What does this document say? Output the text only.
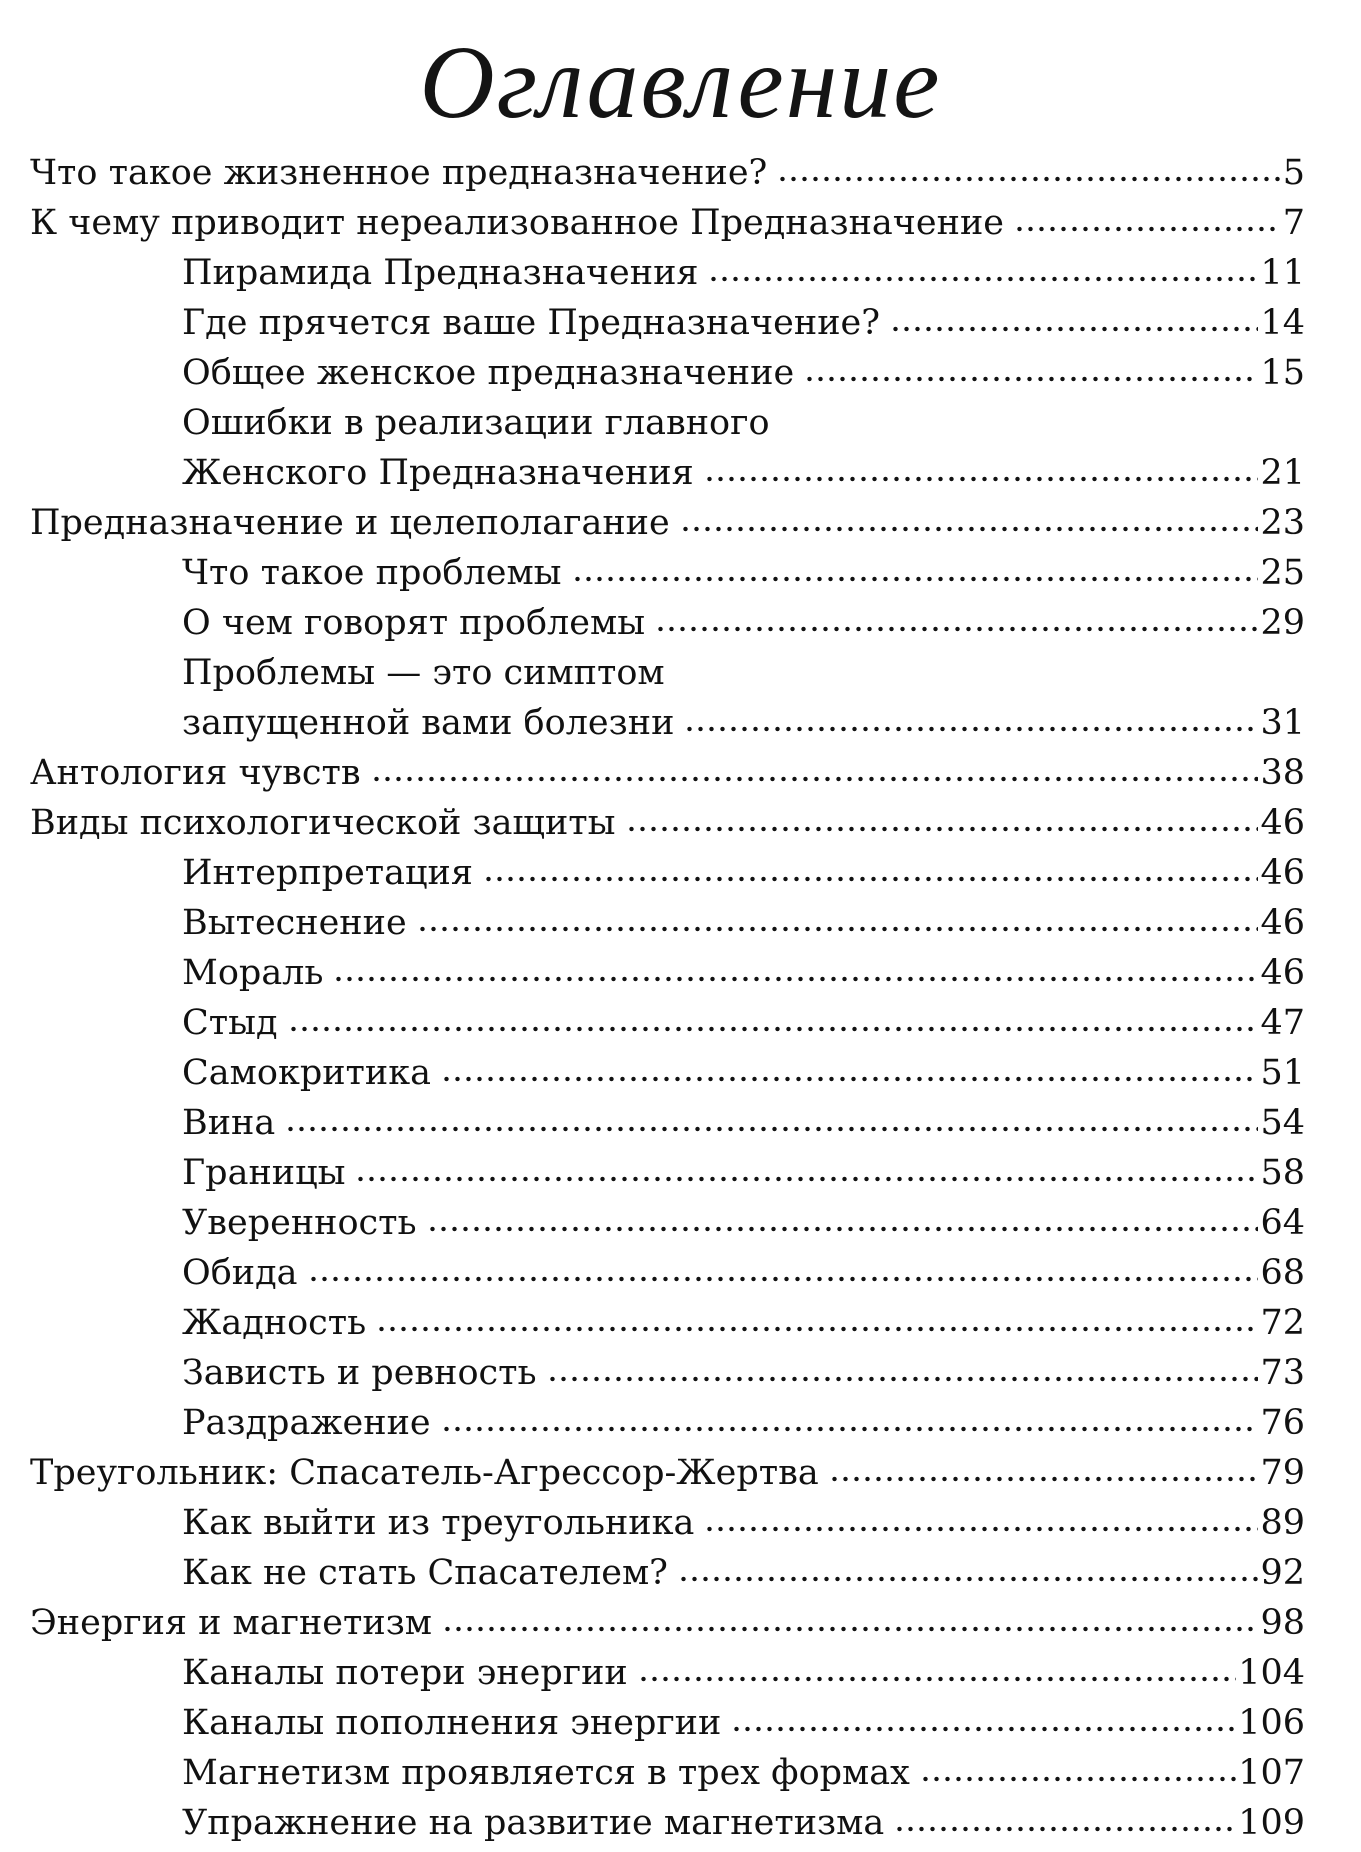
Оглавление
Что такое жизненное предназначение?	5
К чему приводит нереализованное Предназначение	7
Пирамида Предназначения	11
Где прячется ваше Предназначение?	14
Общее женское предназначение	15
Ошибки в реализации главного
Женского Предназначения	21
Предназначение и целеполагание	23
Что такое проблемы	25
О чем говорят проблемы	29
Проблемы — это симптом
запущенной вами болезни	31
Антология чувств	38
Виды психологической защиты	46
Интерпретация	46
Вытеснение	46
Мораль	46
Стыд	47
Самокритика	51
Вина	54
Границы	58
Уверенность	64
Обида	68
Жадность	72
Зависть и ревность	73
Раздражение	76
Треугольник: Спасатель-Агрессор-Жертва	79
Как выйти из треугольника	89
Как не стать Спасателем?	92
Энергия и магнетизм	98
Каналы потери энергии	104
Каналы пополнения энергии	106
Магнетизм проявляется в трех формах	107
Упражнение на развитие магнетизма	109
